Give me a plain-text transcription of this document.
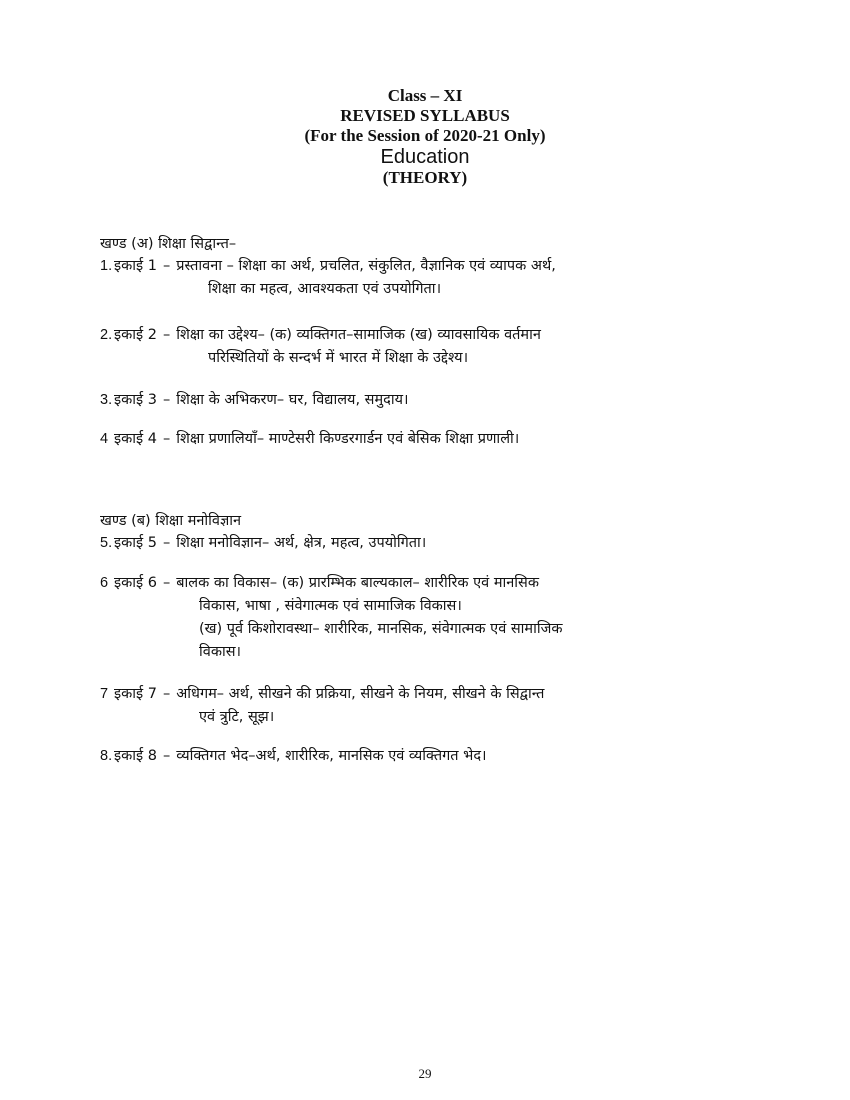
Class – XI
REVISED SYLLABUS
(For the Session of 2020-21 Only)
Education
(THEORY)
खण्ड (अ) शिक्षा सिद्वान्त–
1. इकाई 1 – प्रस्तावना – शिक्षा का अर्थ, प्रचलित, संकुलित, वैज्ञानिक एवं व्यापक अर्थ,
शिक्षा का महत्व, आवश्यकता एवं उपयोगिता।
2. इकाई 2 – शिक्षा का उद्देश्य– (क) व्यक्तिगत–सामाजिक (ख) व्यावसायिक वर्तमान
परिस्थितियों के सन्दर्भ में भारत में शिक्षा के उद्देश्य।
3. इकाई 3 – शिक्षा के अभिकरण– घर, विद्यालय, समुदाय।
4 इकाई 4 – शिक्षा प्रणालियाँ– माण्टेसरी किण्डरगार्डन एवं बेसिक शिक्षा प्रणाली।
खण्ड (ब) शिक्षा मनोविज्ञान
5. इकाई 5 – शिक्षा मनोविज्ञान– अर्थ, क्षेत्र, महत्व, उपयोगिता।
6 इकाई 6 – बालक का विकास– (क) प्रारम्भिक बाल्यकाल– शारीरिक एवं मानसिक
विकास, भाषा , संवेगात्मक एवं सामाजिक विकास।
(ख) पूर्व किशोरावस्था– शारीरिक, मानसिक, संवेगात्मक एवं सामाजिक
विकास।
7 इकाई 7 – अधिगम– अर्थ, सीखने की प्रक्रिया, सीखने के नियम, सीखने के सिद्वान्त
एवं त्रुटि, सूझ।
8. इकाई 8 – व्यक्तिगत भेद–अर्थ, शारीरिक, मानसिक एवं व्यक्तिगत भेद।
29
